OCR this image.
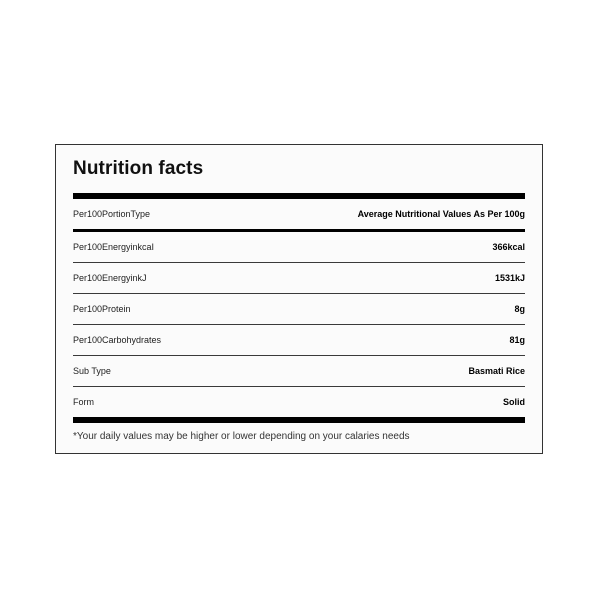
Nutrition facts
Per100PortionType	Average Nutritional Values As Per 100g
Per100EnergyinkcaI	366kcal
Per100EnergyinkJ	1531kJ
Per100Protein	8g
Per100Carbohydrates	81g
Sub Type	Basmati Rice
Form	Solid
*Your daily values may be higher or lower depending on your calaries needs
